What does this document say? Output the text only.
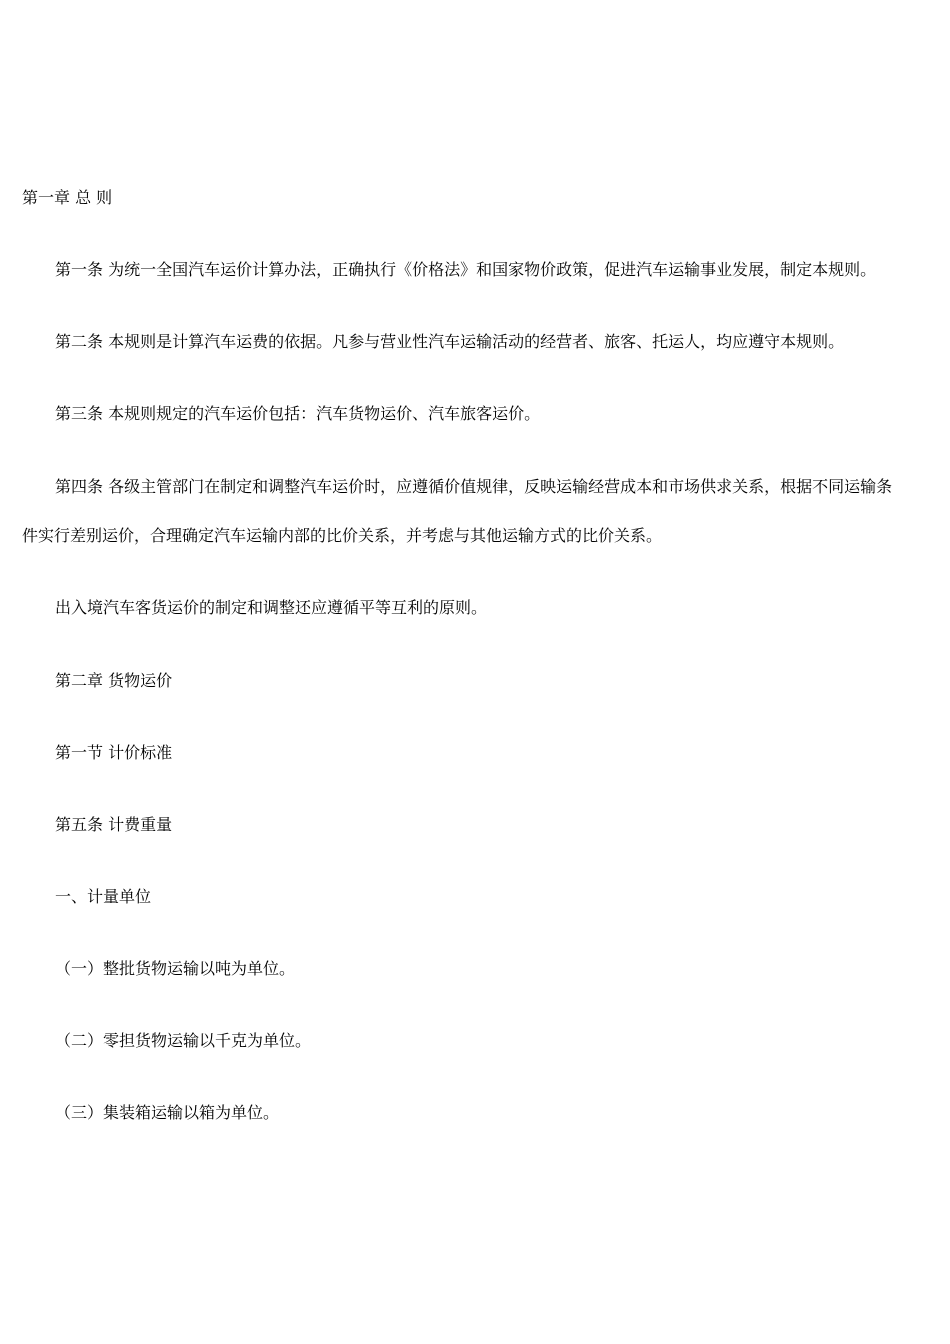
第一章 总 则
第一条 为统一全国汽车运价计算办法，正确执行《价格法》和国家物价政策，促进汽车运输事业发展，制定本规则。
第二条 本规则是计算汽车运费的依据。凡参与营业性汽车运输活动的经营者、旅客、托运人，均应遵守本规则。
第三条 本规则规定的汽车运价包括：汽车货物运价、汽车旅客运价。
第四条 各级主管部门在制定和调整汽车运价时，应遵循价值规律，反映运输经营成本和市场供求关系，根据不同运输条
件实行差别运价，合理确定汽车运输内部的比价关系，并考虑与其他运输方式的比价关系。
出入境汽车客货运价的制定和调整还应遵循平等互利的原则。
第二章 货物运价
第一节 计价标准
第五条 计费重量
一、计量单位
（一）整批货物运输以吨为单位。
（二）零担货物运输以千克为单位。
（三）集装箱运输以箱为单位。
